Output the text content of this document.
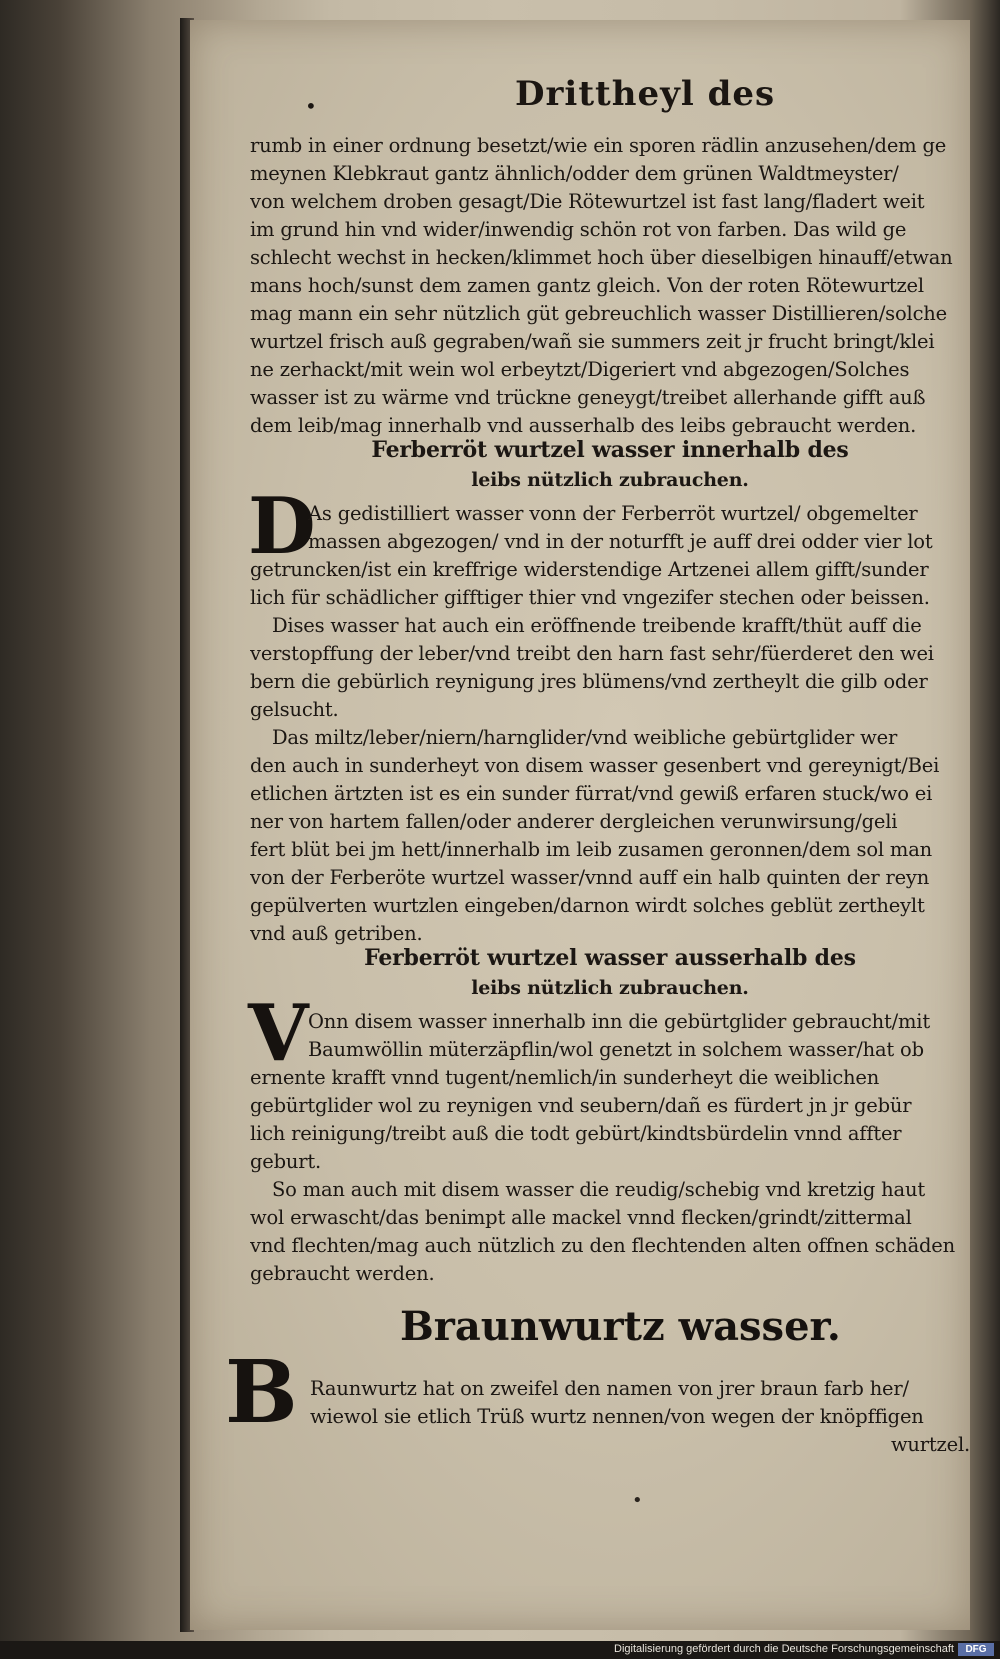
•	Drittheyl des
rumb in einer ordnung besetzt/wie ein sporen rädlin anzusehen/dem ge
meynen Klebkraut gantz ähnlich/odder dem grünen Waldtmeyster/
von welchem droben gesagt/Die Rötewurtzel ist fast lang/fladert weit
im grund hin vnd wider/inwendig schön rot von farben. Das wild ge
schlecht wechst in hecken/klimmet hoch über dieselbigen hinauff/etwan
mans hoch/sunst dem zamen gantz gleich. Von der roten Rötewurtzel
mag mann ein sehr nützlich güt gebreuchlich wasser Distillieren/solche
wurtzel frisch auß gegraben/wañ sie summers zeit jr frucht bringt/klei
ne zerhackt/mit wein wol erbeytzt/Digeriert vnd abgezogen/Solches
wasser ist zu wärme vnd trückne geneygt/treibet allerhande gifft auß
dem leib/mag innerhalb vnd ausserhalb des leibs gebraucht werden.
Ferberröt wurtzel wasser innerhalb des
leibs nützlich zubrauchen.
D
As gedistilliert wasser vonn der Ferberröt wurtzel/ obgemelter
massen abgezogen/ vnd in der noturfft je auff drei odder vier lot
getruncken/ist ein kreffrige widerstendige Artzenei allem gifft/sunder
lich für schädlicher gifftiger thier vnd vngezifer stechen oder beissen.
Dises wasser hat auch ein eröffnende treibende krafft/thüt auff die
verstopffung der leber/vnd treibt den harn fast sehr/füerderet den wei
bern die gebürlich reynigung jres blümens/vnd zertheylt die gilb oder
gelsucht.
Das miltz/leber/niern/harnglider/vnd weibliche gebürtglider wer
den auch in sunderheyt von disem wasser gesenbert vnd gereynigt/Bei
etlichen ärtzten ist es ein sunder fürrat/vnd gewiß erfaren stuck/wo ei
ner von hartem fallen/oder anderer dergleichen verunwirsung/geli
fert blüt bei jm hett/innerhalb im leib zusamen geronnen/dem sol man
von der Ferberöte wurtzel wasser/vnnd auff ein halb quinten der reyn
gepülverten wurtzlen eingeben/darnon wirdt solches geblüt zertheylt
vnd auß getriben.
Ferberröt wurtzel wasser ausserhalb des
leibs nützlich zubrauchen.
V Onn disem wasser innerhalb inn die gebürtglider gebraucht/mit
Baumwöllin müterzäpflin/wol genetzt in solchem wasser/hat ob
ernente krafft vnnd tugent/nemlich/in sunderheyt die weiblichen
gebürtglider wol zu reynigen vnd seubern/dañ es fürdert jn jr gebür
lich reinigung/treibt auß die todt gebürt/kindtsbürdelin vnnd affter
geburt.
So man auch mit disem wasser die reudig/schebig vnd kretzig haut
wol erwascht/das benimpt alle mackel vnnd flecken/grindt/zittermal
vnd flechten/mag auch nützlich zu den flechtenden alten offnen schäden
gebraucht werden.
Braunwurtz wasser.
B Raunwurtz hat on zweifel den namen von jrer braun farb her/
wiewol sie etlich Trüß wurtz nennen/von wegen der knöpffigen
wurtzel.
•
Digitalisierung gefördert durch die Deutsche Forschungsgemeinschaft	DFG
